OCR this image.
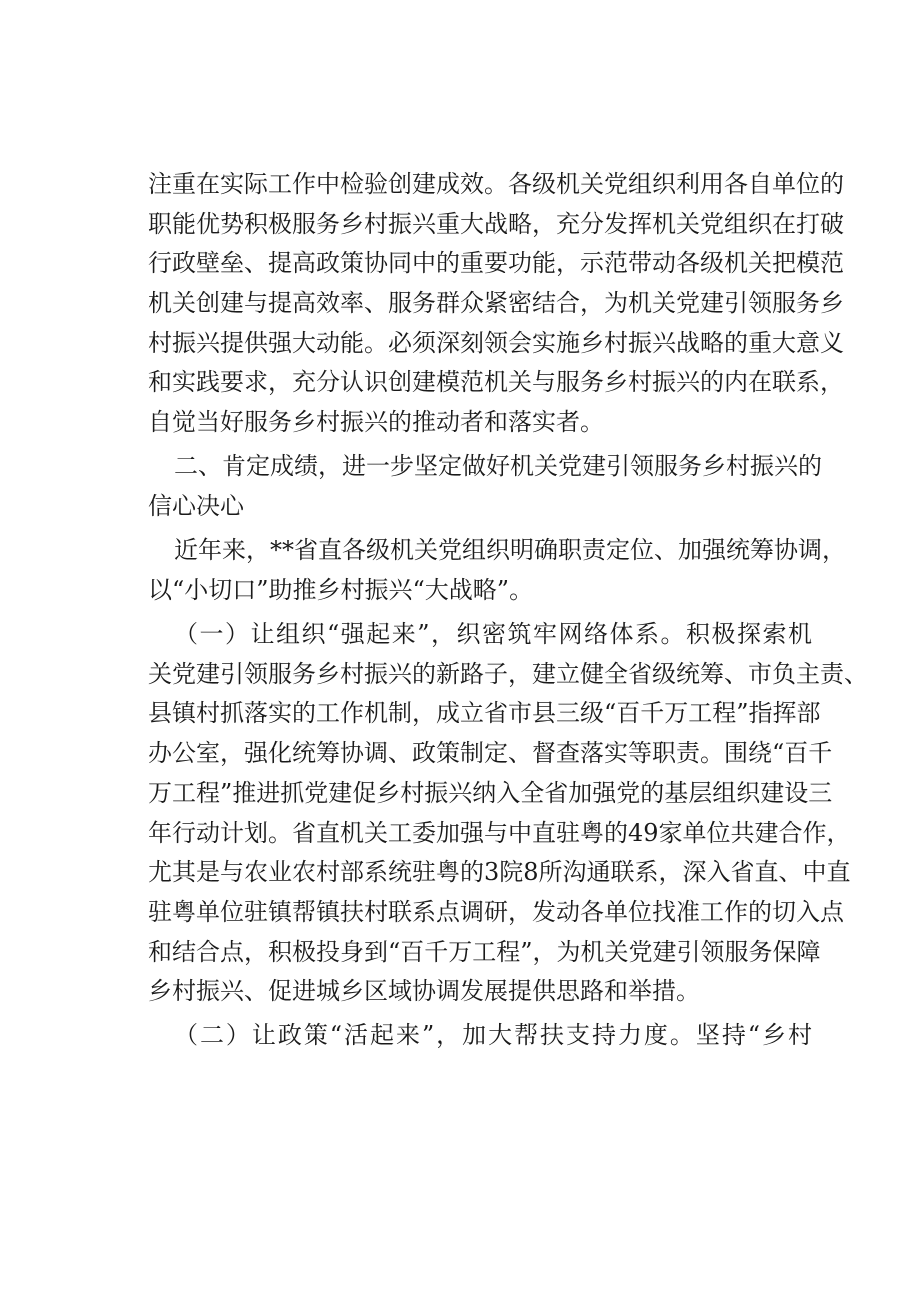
注重在实际工作中检验创建成效。各级机关党组织利用各自单位的
职能优势积极服务乡村振兴重大战略，充分发挥机关党组织在打破
行政壁垒、提高政策协同中的重要功能，示范带动各级机关把模范
机关创建与提高效率、服务群众紧密结合，为机关党建引领服务乡
村振兴提供强大动能。必须深刻领会实施乡村振兴战略的重大意义
和实践要求，充分认识创建模范机关与服务乡村振兴的内在联系，
自觉当好服务乡村振兴的推动者和落实者。
二、肯定成绩，进一步坚定做好机关党建引领服务乡村振兴的
信心决心
近年来，**省直各级机关党组织明确职责定位、加强统筹协调，
以“小切口”助推乡村振兴“大战略”。
（一）让组织“强起来”，织密筑牢网络体系。积极探索机
关党建引领服务乡村振兴的新路子，建立健全省级统筹、市负主责、
县镇村抓落实的工作机制，成立省市县三级“百千万工程”指挥部
办公室，强化统筹协调、政策制定、督查落实等职责。围绕“百千
万工程”推进抓党建促乡村振兴纳入全省加强党的基层组织建设三
年行动计划。省直机关工委加强与中直驻粤的49家单位共建合作，
尤其是与农业农村部系统驻粤的3院8所沟通联系，深入省直、中直
驻粤单位驻镇帮镇扶村联系点调研，发动各单位找准工作的切入点
和结合点，积极投身到“百千万工程”，为机关党建引领服务保障
乡村振兴、促进城乡区域协调发展提供思路和举措。
（二）让政策“活起来”，加大帮扶支持力度。坚持“乡村
